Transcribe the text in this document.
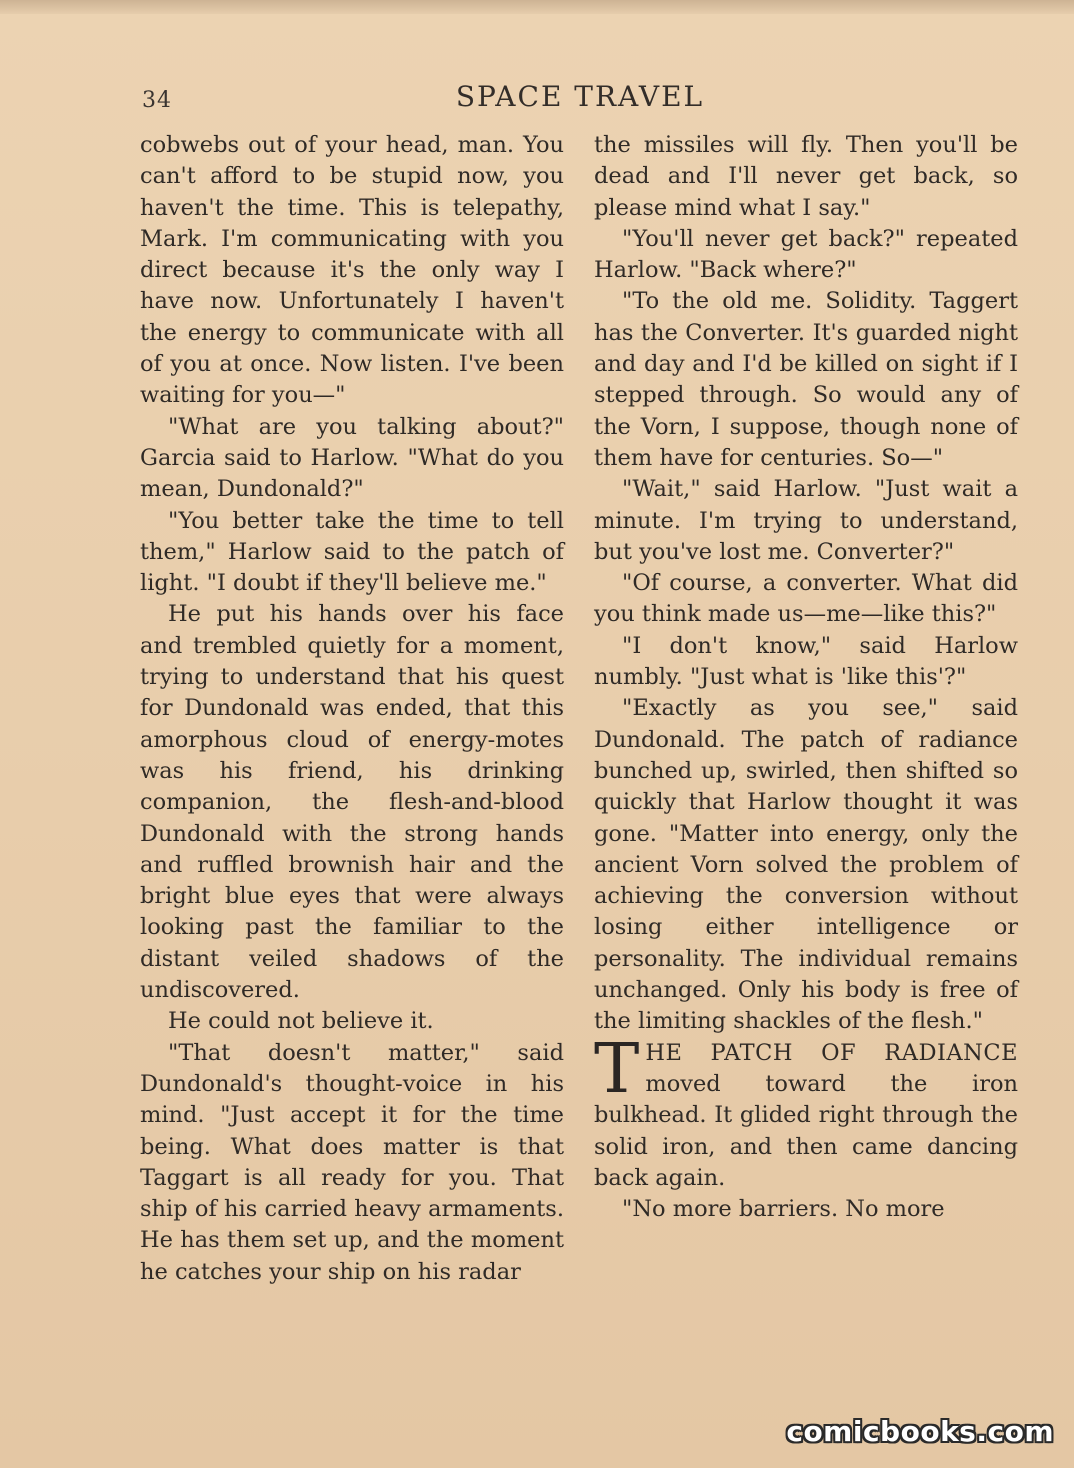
34	SPACE TRAVEL

cobwebs out of your head, man. You can't afford to be stupid now, you haven't the time. This is telepathy, Mark. I'm communicating with you direct because it's the only way I have now. Unfortunately I haven't the energy to communicate with all of you at once. Now listen. I've been waiting for you—"

"What are you talking about?" Garcia said to Harlow. "What do you mean, Dundonald?"

"You better take the time to tell them," Harlow said to the patch of light. "I doubt if they'll believe me."

He put his hands over his face and trembled quietly for a moment, trying to understand that his quest for Dundonald was ended, that this amorphous cloud of energy-motes was his friend, his drinking companion, the flesh-and-blood Dundonald with the strong hands and ruffled brownish hair and the bright blue eyes that were always looking past the familiar to the distant veiled shadows of the undiscovered.

He could not believe it.

"That doesn't matter," said Dundonald's thought-voice in his mind. "Just accept it for the time being. What does matter is that Taggart is all ready for you. That ship of his carried heavy armaments. He has them set up, and the moment he catches your ship on his radar

the missiles will fly. Then you'll be dead and I'll never get back, so please mind what I say."

"You'll never get back?" repeated Harlow. "Back where?"

"To the old me. Solidity. Taggert has the Converter. It's guarded night and day and I'd be killed on sight if I stepped through. So would any of the Vorn, I suppose, though none of them have for centuries. So—"

"Wait," said Harlow. "Just wait a minute. I'm trying to understand, but you've lost me. Converter?"

"Of course, a converter. What did you think made us—me—like this?"

"I don't know," said Harlow numbly. "Just what is 'like this'?"

"Exactly as you see," said Dundonald. The patch of radiance bunched up, swirled, then shifted so quickly that Harlow thought it was gone. "Matter into energy, only the ancient Vorn solved the problem of achieving the conversion without losing either intelligence or personality. The individual remains unchanged. Only his body is free of the limiting shackles of the flesh."

THE PATCH OF RADIANCE moved toward the iron bulkhead. It glided right through the solid iron, and then came dancing back again.

"No more barriers. No more

comicbooks.com
